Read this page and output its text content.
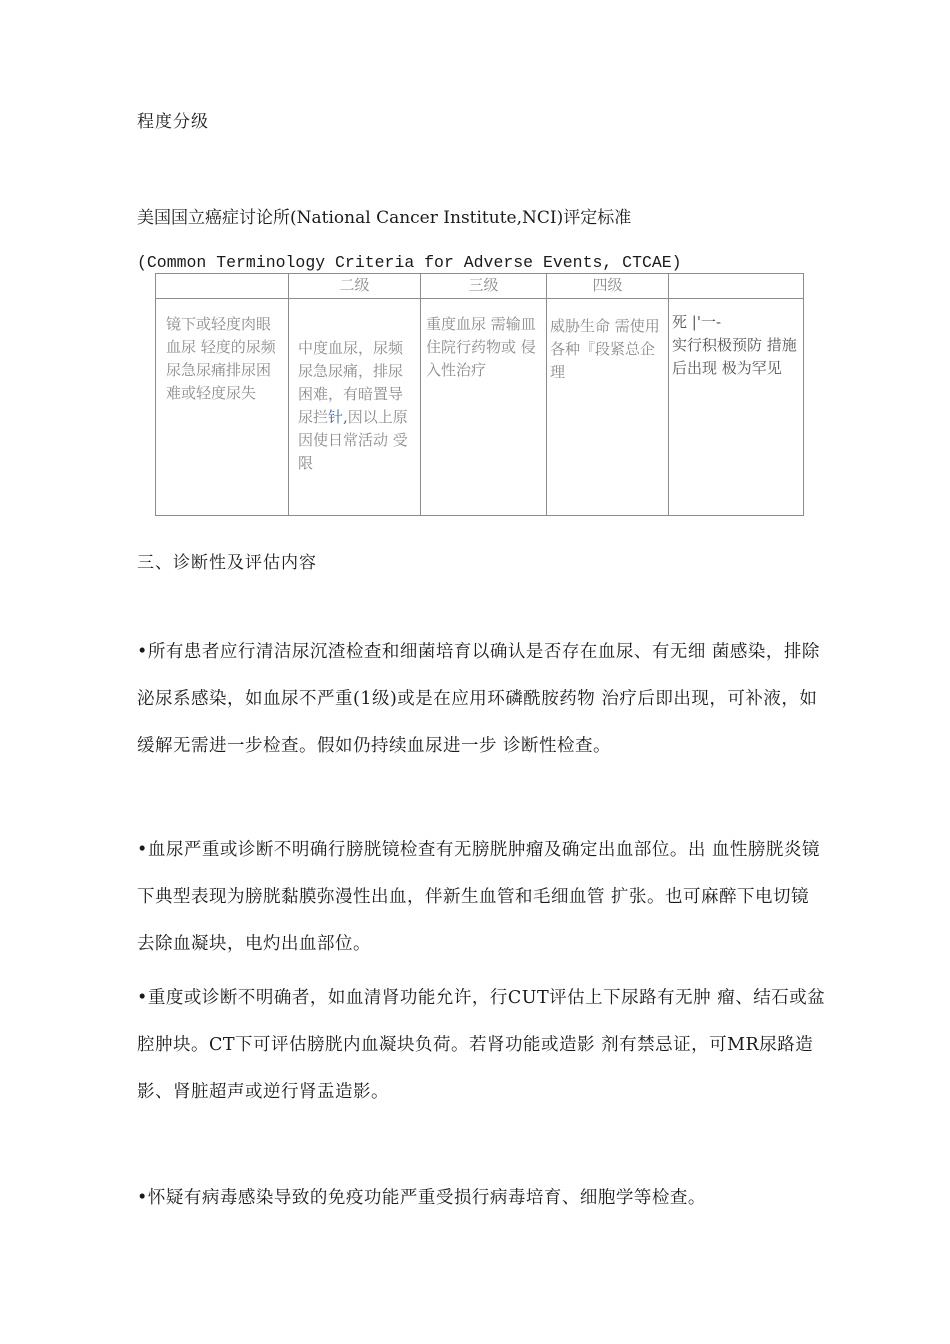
程度分级
美国国立癌症讨论所(National Cancer Institute,NCI)评定标准
(Common Terminology Criteria for Adverse Events, CTCAE)
	二级	三级	四级	
镜下或轻度肉眼血尿 轻度的尿频尿急尿痛排尿困难或轻度尿失	中度血尿，尿频尿急尿痛，排尿困难，有暗置导尿拦针,因以上原 因使日常活动 受限	重度血尿 需输皿 住院行药物或 侵入性治疗	威胁生命 需使用各种『段紧总企理	死 |'一-
实行积极预防 措施后出现 极为罕见
三、诊断性及评估内容
•所有患者应行清洁尿沉渣检查和细菌培育以确认是否存在血尿、有无细 菌感染，排除泌尿系感染，如血尿不严重(1级)或是在应用环磷酰胺药物 治疗后即出现，可补液，如缓解无需进一步检查。假如仍持续血尿进一步 诊断性检查。
•血尿严重或诊断不明确行膀胱镜检查有无膀胱肿瘤及确定出血部位。出 血性膀胱炎镜下典型表现为膀胱黏膜弥漫性出血，伴新生血管和毛细血管 扩张。也可麻醉下电切镜去除血凝块，电灼出血部位。
•重度或诊断不明确者，如血清肾功能允许，行CUT评估上下尿路有无肿 瘤、结石或盆腔肿块。CT下可评估膀胱内血凝块负荷。若肾功能或造影 剂有禁忌证，可MR尿路造影、肾脏超声或逆行肾盂造影。
•怀疑有病毒感染导致的免疫功能严重受损行病毒培育、细胞学等检查。
